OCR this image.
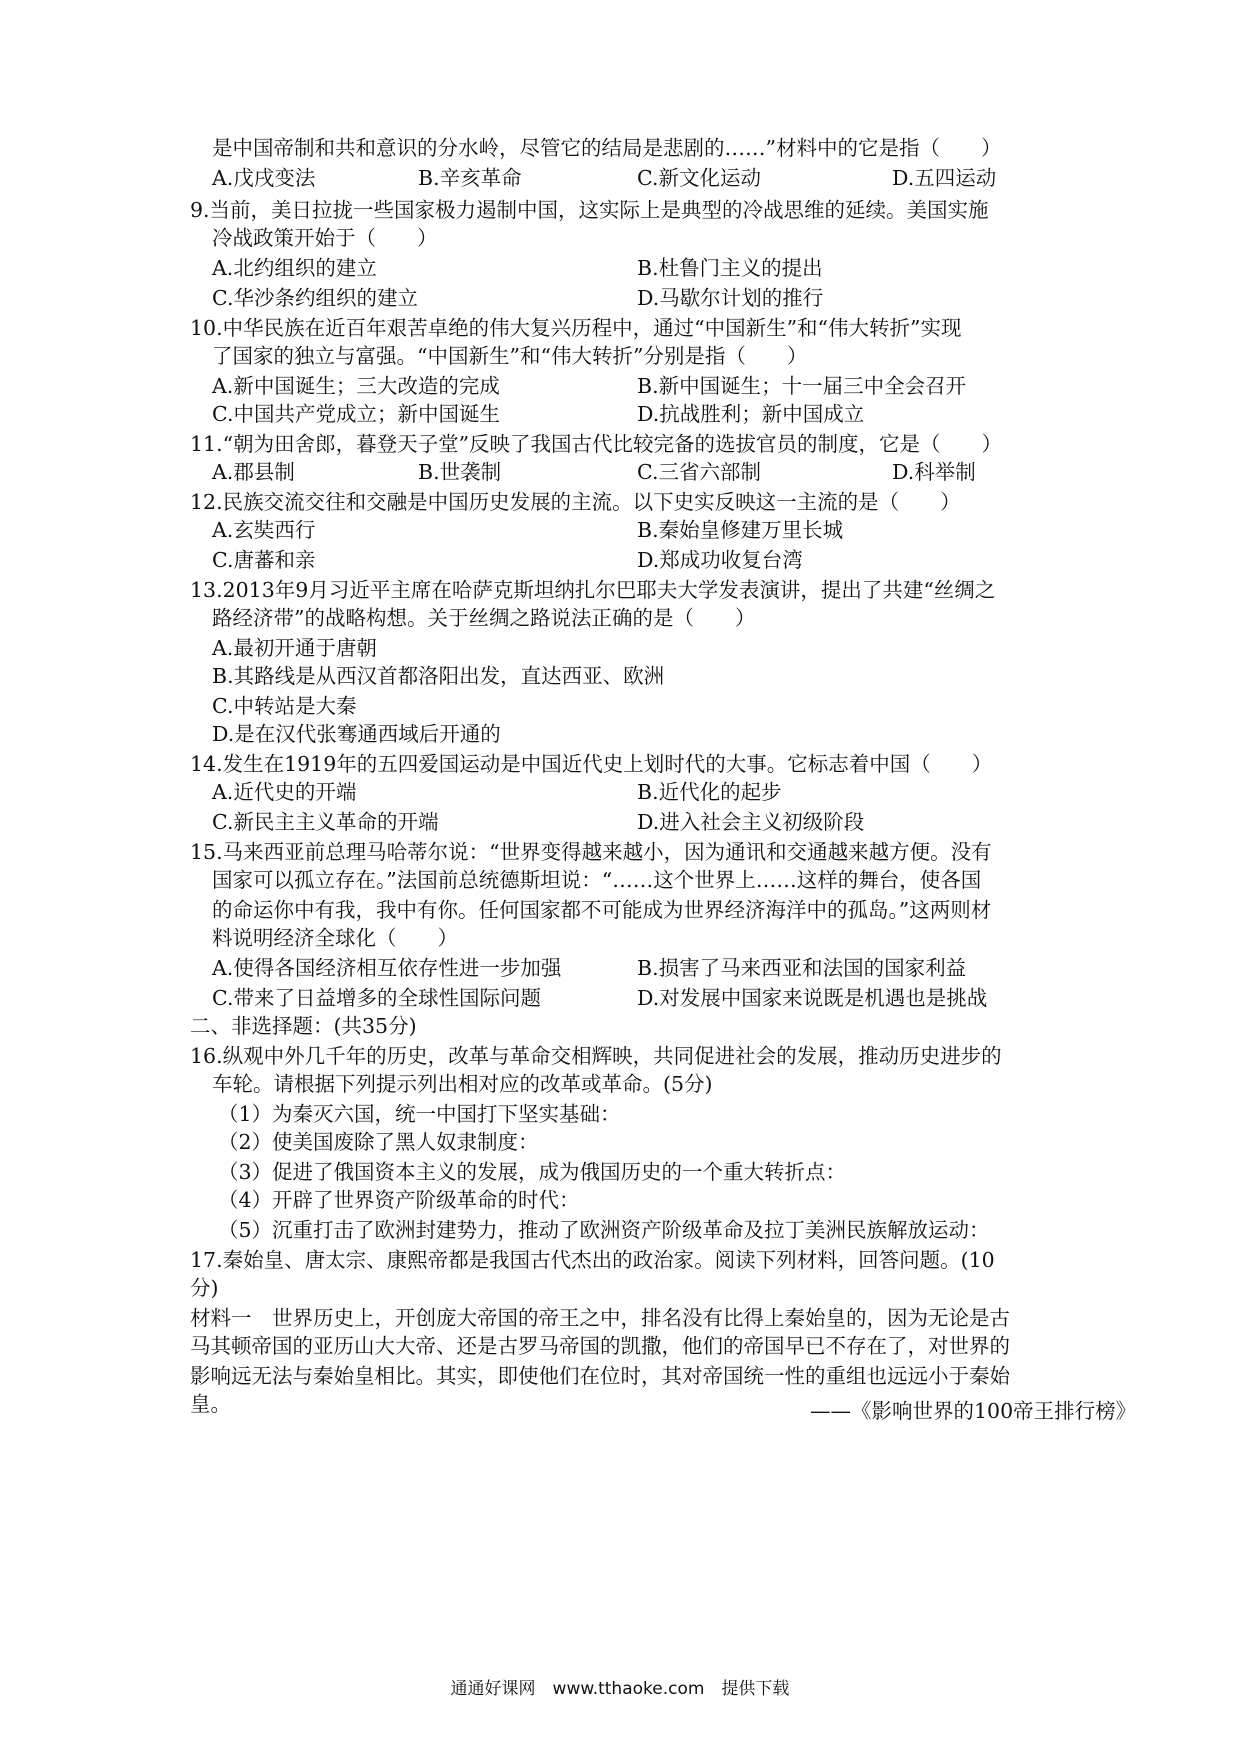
是中国帝制和共和意识的分水岭，尽管它的结局是悲剧的……”材料中的它是指（　　）
A.戊戌变法	B.辛亥革命	C.新文化运动	D.五四运动
9.当前，美日拉拢一些国家极力遏制中国，这实际上是典型的冷战思维的延续。美国实施
冷战政策开始于（　　）
A.北约组织的建立	B.杜鲁门主义的提出
C.华沙条约组织的建立	D.马歇尔计划的推行
10.中华民族在近百年艰苦卓绝的伟大复兴历程中，通过“中国新生”和“伟大转折”实现
了国家的独立与富强。“中国新生”和“伟大转折”分别是指（　　）
A.新中国诞生；三大改造的完成	B.新中国诞生；十一届三中全会召开
C.中国共产党成立；新中国诞生	D.抗战胜利；新中国成立
11.“朝为田舍郎，暮登天子堂”反映了我国古代比较完备的选拔官员的制度，它是（　　）
A.郡县制	B.世袭制	C.三省六部制	D.科举制
12.民族交流交往和交融是中国历史发展的主流。以下史实反映这一主流的是（　　）
A.玄奘西行	B.秦始皇修建万里长城
C.唐蕃和亲	D.郑成功收复台湾
13.2013年9月习近平主席在哈萨克斯坦纳扎尔巴耶夫大学发表演讲，提出了共建“丝绸之
路经济带”的战略构想。关于丝绸之路说法正确的是（　　）
A.最初开通于唐朝
B.其路线是从西汉首都洛阳出发，直达西亚、欧洲
C.中转站是大秦
D.是在汉代张骞通西域后开通的
14.发生在1919年的五四爱国运动是中国近代史上划时代的大事。它标志着中国（　　）
A.近代史的开端	B.近代化的起步
C.新民主主义革命的开端	D.进入社会主义初级阶段
15.马来西亚前总理马哈蒂尔说：“世界变得越来越小，因为通讯和交通越来越方便。没有
国家可以孤立存在。”法国前总统德斯坦说：“……这个世界上……这样的舞台，使各国
的命运你中有我，我中有你。任何国家都不可能成为世界经济海洋中的孤岛。”这两则材
料说明经济全球化（　　）
A.使得各国经济相互依存性进一步加强	B.损害了马来西亚和法国的国家利益
C.带来了日益增多的全球性国际问题	D.对发展中国家来说既是机遇也是挑战
二、非选择题：(共35分)
16.纵观中外几千年的历史，改革与革命交相辉映，共同促进社会的发展，推动历史进步的
车轮。请根据下列提示列出相对应的改革或革命。(5分)
（1）为秦灭六国，统一中国打下坚实基础：
（2）使美国废除了黑人奴隶制度：
（3）促进了俄国资本主义的发展，成为俄国历史的一个重大转折点：
（4）开辟了世界资产阶级革命的时代：
（5）沉重打击了欧洲封建势力，推动了欧洲资产阶级革命及拉丁美洲民族解放运动：
17.秦始皇、唐太宗、康熙帝都是我国古代杰出的政治家。阅读下列材料，回答问题。(10
分)
材料一　世界历史上，开创庞大帝国的帝王之中，排名没有比得上秦始皇的，因为无论是古
马其顿帝国的亚历山大大帝、还是古罗马帝国的凯撒，他们的帝国早已不存在了，对世界的
影响远无法与秦始皇相比。其实，即使他们在位时，其对帝国统一性的重组也远远小于秦始
皇。	——《影响世界的100帝王排行榜》
通通好课网　www.tthaoke.com　提供下载
